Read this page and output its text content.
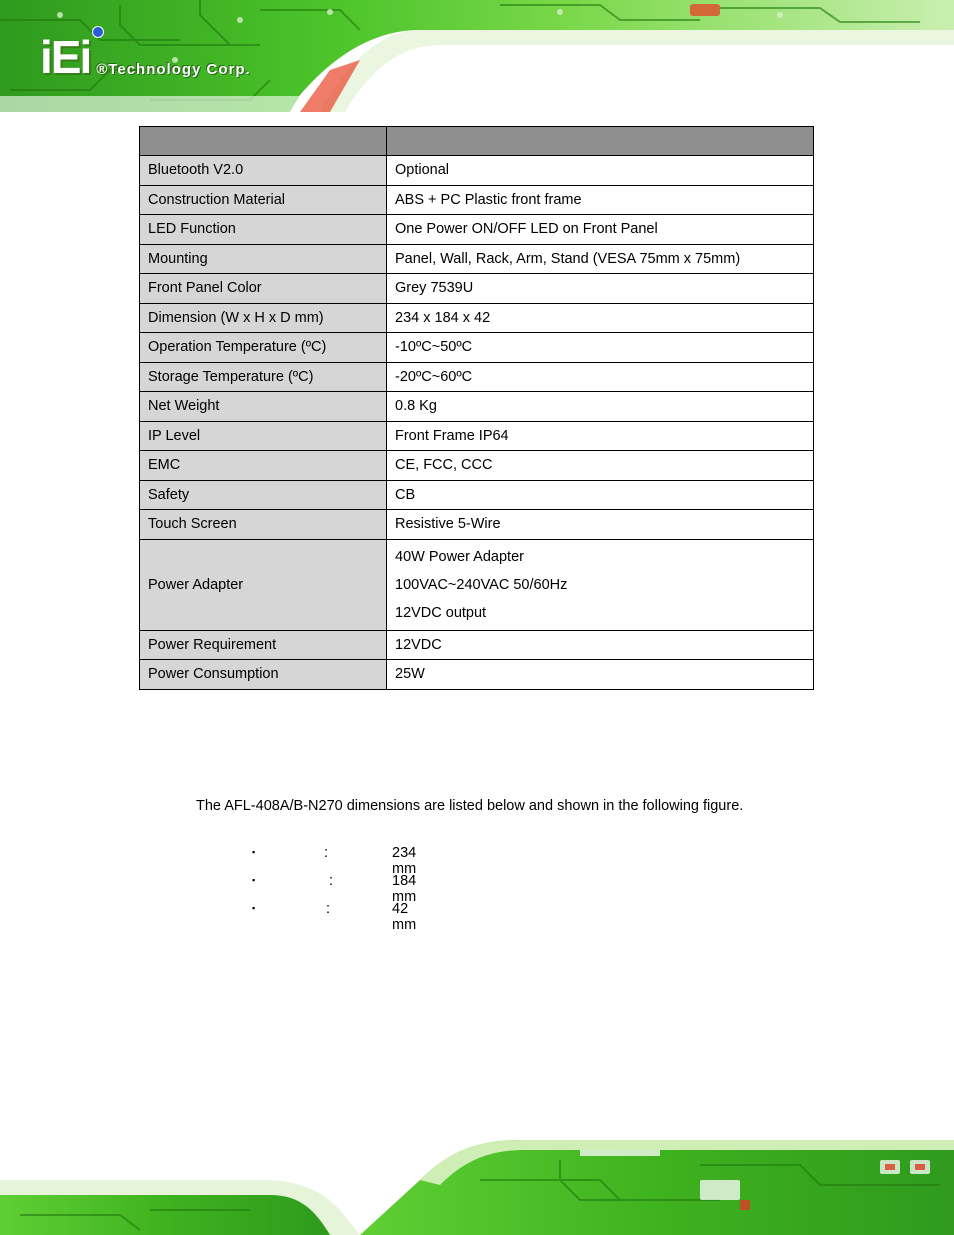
iEi ®Technology Corp.

Bluetooth V2.0	Optional
Construction Material	ABS + PC Plastic front frame
LED Function	One Power ON/OFF LED on Front Panel
Mounting	Panel, Wall, Rack, Arm, Stand (VESA 75mm x 75mm)
Front Panel Color	Grey 7539U
Dimension (W x H x D mm)	234 x 184 x 42
Operation Temperature (ºC)	-10ºC~50ºC
Storage Temperature (ºC)	-20ºC~60ºC
Net Weight	0.8 Kg
IP Level	Front Frame IP64
EMC	CE, FCC, CCC
Safety	CB
Touch Screen	Resistive 5-Wire
Power Adapter	40W Power Adapter
100VAC~240VAC 50/60Hz
12VDC output

Power Requirement	12VDC
Power Consumption	25W
The AFL-408A/B-N270 dimensions are listed below and shown in the following figure.
▪	:	234 mm
▪	:	184 mm
▪	:	42 mm
